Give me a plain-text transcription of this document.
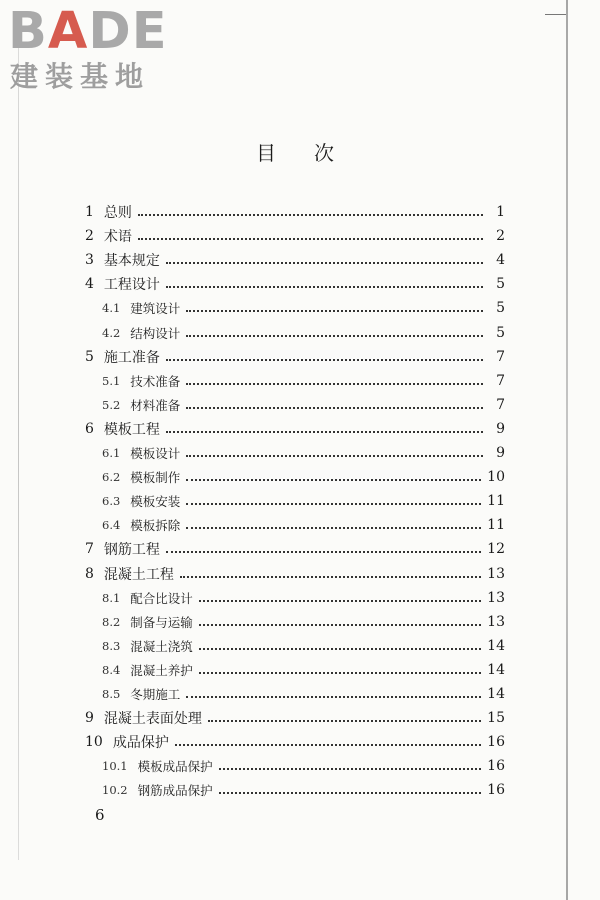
BADE
建装基地
目次
1 总则	1
2 术语	2
3 基本规定	4
4 工程设计	5
4.1 建筑设计	5
4.2 结构设计	5
5 施工准备	7
5.1 技术准备	7
5.2 材料准备	7
6 模板工程	9
6.1 模板设计	9
6.2 模板制作	10
6.3 模板安装	11
6.4 模板拆除	11
7 钢筋工程	12
8 混凝土工程	13
8.1 配合比设计	13
8.2 制备与运输	13
8.3 混凝土浇筑	14
8.4 混凝土养护	14
8.5 冬期施工	14
9 混凝土表面处理	15
10 成品保护	16
10.1 模板成品保护	16
10.2 钢筋成品保护	16
6
